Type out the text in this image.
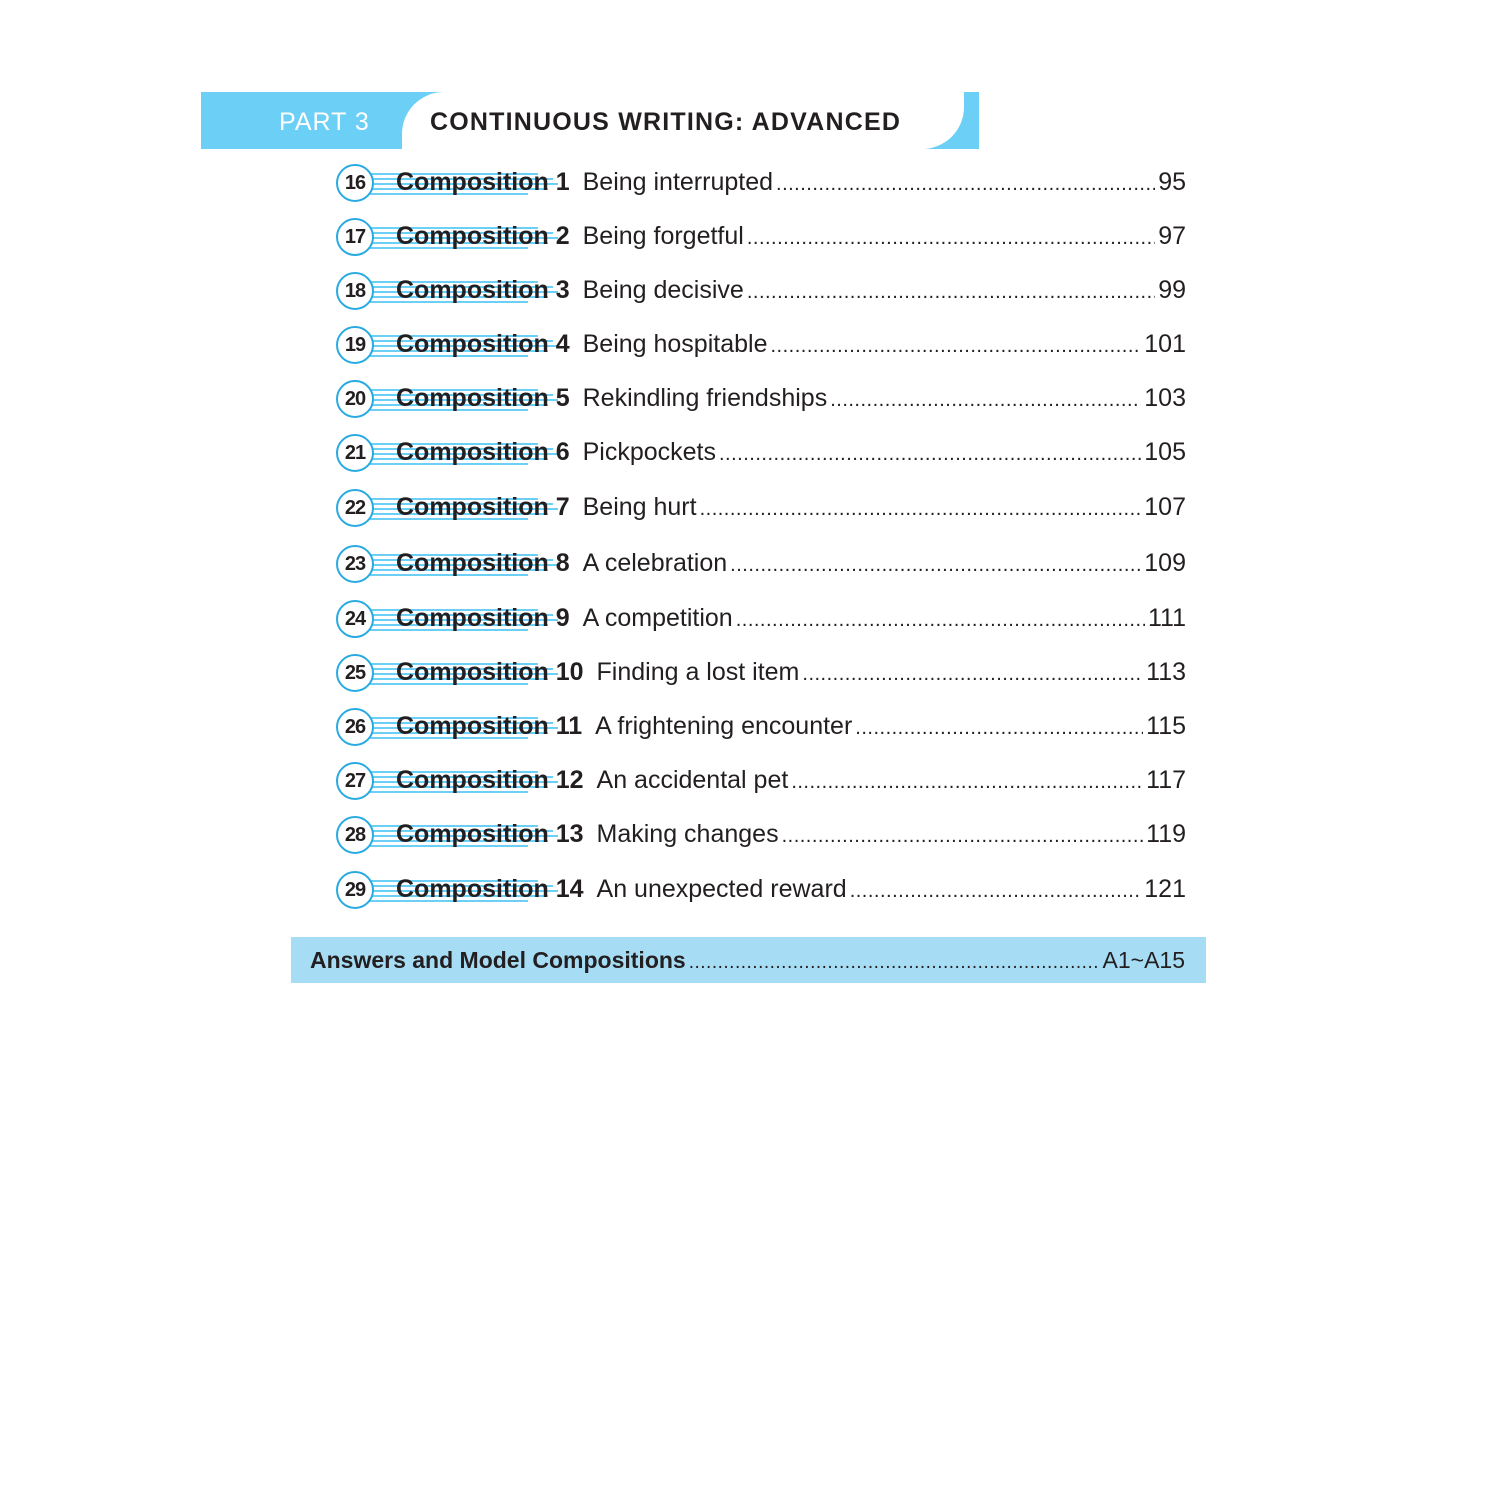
PART 3 CONTINUOUS WRITING: ADVANCED
16	Composition 1 Being interrupted .....	95
17	Composition 2 Being forgetful .....	97
18	Composition 3 Being decisive .....	99
19	Composition 4 Being hospitable .....	101
20	Composition 5 Rekindling friendships .....	103
21	Composition 6 Pickpockets .....	105
22	Composition 7 Being hurt .....	107
23	Composition 8 A celebration .....	109
24	Composition 9 A competition .....	111
25	Composition 10 Finding a lost item .....	113
26	Composition 11 A frightening encounter .....	115
27	Composition 12 An accidental pet .....	117
28	Composition 13 Making changes .....	119
29	Composition 14 An unexpected reward .....	121
Answers and Model Compositions .....	A1~A15
